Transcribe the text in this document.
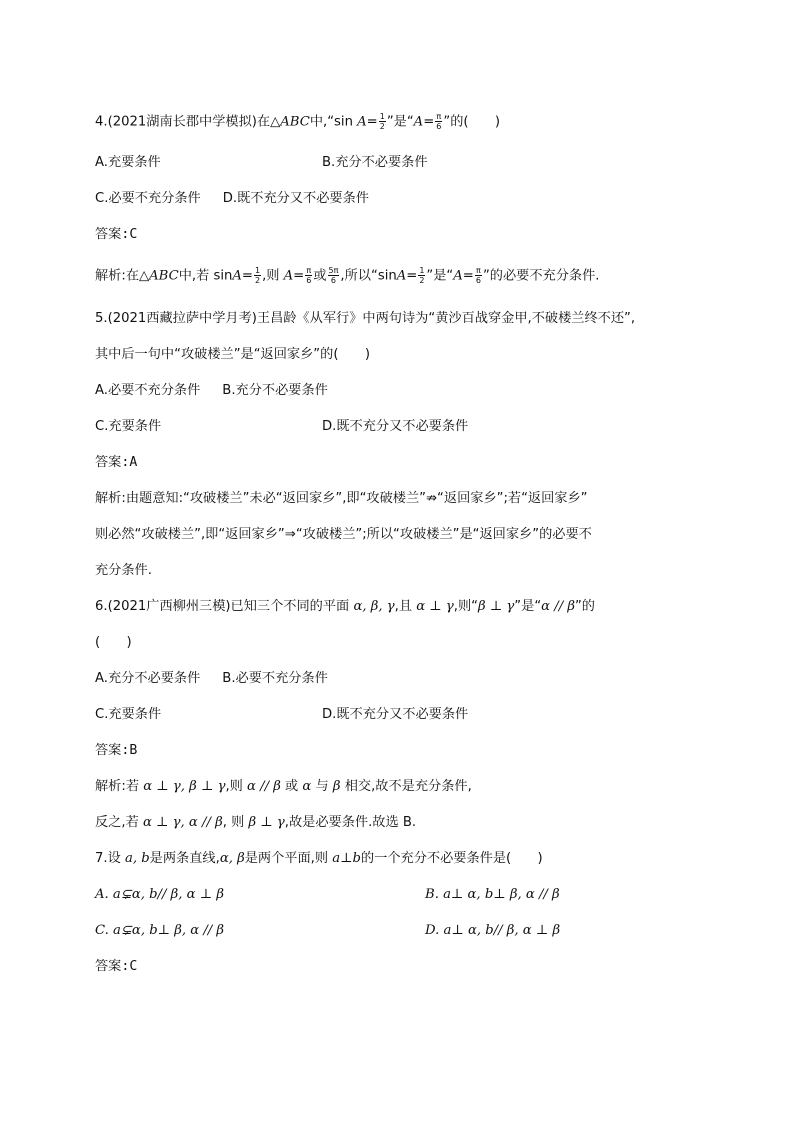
4.(2021湖南长郡中学模拟)在△ABC中,“sin $A= \frac{1}{2}$ ”是“$A= \frac{\pi}{6}$ ”的(　　)
A.充要条件	B.充分不必要条件
C.必要不充分条件 D.既不充分又不必要条件
答案:C
解析:在△ABC中,若 $\sin A= \frac{1}{2}$ ,则 $A= \frac{\pi}{6}$ 或 $\frac{5\pi}{6}$ ,所以“$\sin A= \frac{1}{2}$ ”是“$A= \frac{\pi}{6}$ ”的必要不充分条件.
5.(2021西藏拉萨中学月考)王昌龄《从军行》中两句诗为“黄沙百战穿金甲,不破楼兰终不还”,
其中后一句中“攻破楼兰”是“返回家乡”的(　　)
A.必要不充分条件 B.充分不必要条件
C.充要条件	D.既不充分又不必要条件
答案:A
解析:由题意知:“攻破楼兰”未必“返回家乡”,即“攻破楼兰”⇏“返回家乡”;若“返回家乡”
则必然“攻破楼兰”,即“返回家乡”⇒“攻破楼兰”;所以“攻破楼兰”是“返回家乡”的必要不
充分条件.
6.(2021广西柳州三模)已知三个不同的平面 α, β, γ,且 α ⊥ γ,则“β ⊥ γ”是“α // β”的
(　　)
A.充分不必要条件 B.必要不充分条件
C.充要条件	D.既不充分又不必要条件
答案:B
解析:若 α ⊥ γ, β ⊥ γ,则 α // β 或 α 与 β 相交,故不是充分条件,
反之,若 α ⊥ γ, α // β, 则 β ⊥ γ,故是必要条件.故选 B.
7.设 a, b是两条直线,α, β是两个平面,则 a⊥b的一个充分不必要条件是(　　)
A. a⊊α, b// β, α ⊥ β	B. a⊥ α, b⊥ β, α // β
C. a⊊α, b⊥ β, α // β	D. a⊥ α, b// β, α ⊥ β
答案:C
